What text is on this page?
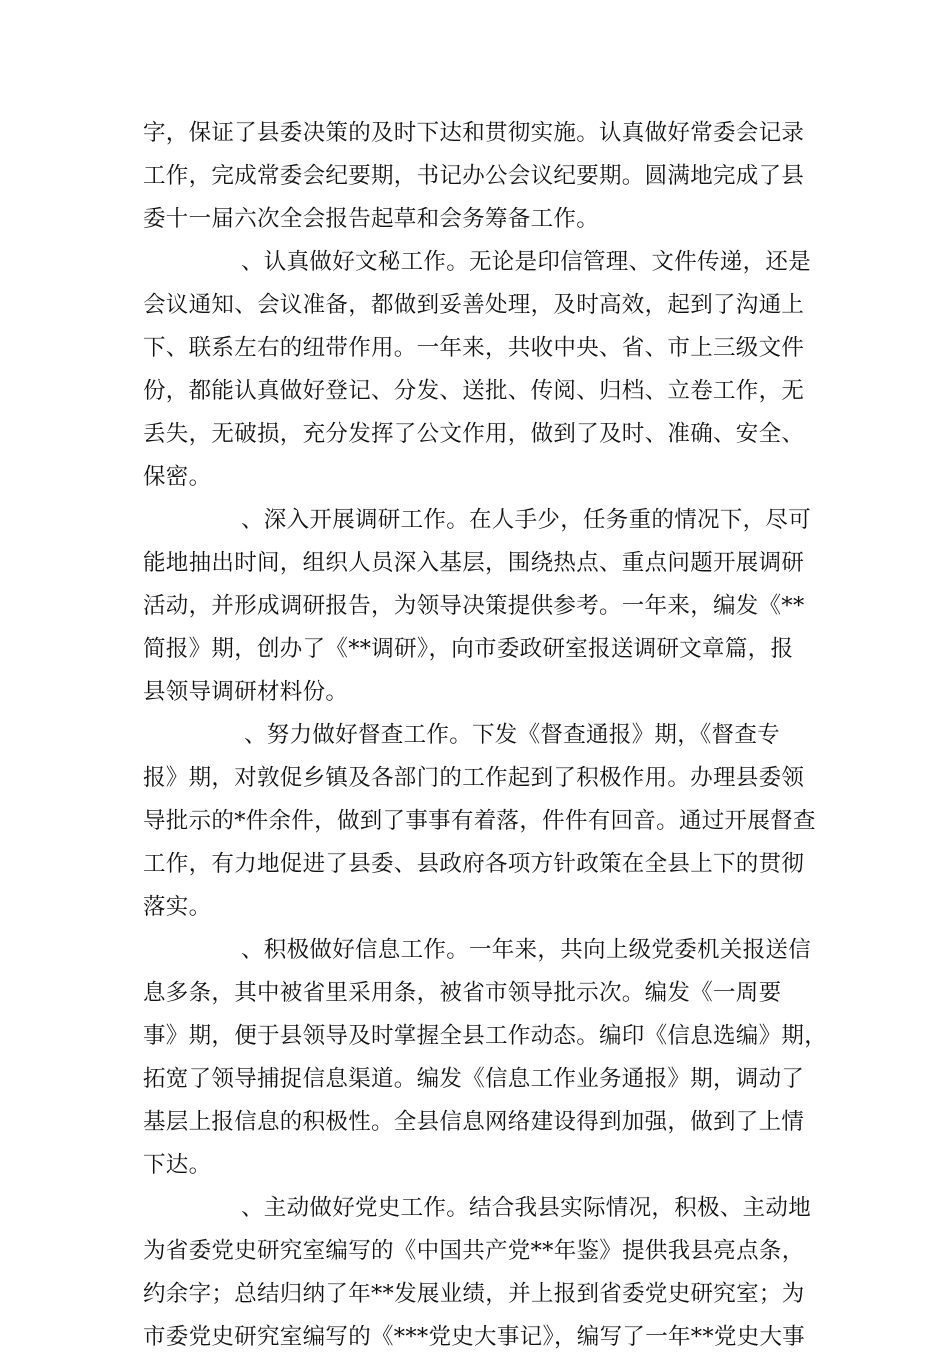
字，保证了县委决策的及时下达和贯彻实施。认真做好常委会记录
工作，完成常委会纪要期，书记办公会议纪要期。圆满地完成了县
委十一届六次全会报告起草和会务筹备工作。
、认真做好文秘工作。无论是印信管理、文件传递，还是
会议通知、会议准备，都做到妥善处理，及时高效，起到了沟通上
下、联系左右的纽带作用。一年来，共收中央、省、市上三级文件
份，都能认真做好登记、分发、送批、传阅、归档、立卷工作，无
丢失，无破损，充分发挥了公文作用，做到了及时、准确、安全、
保密。
、深入开展调研工作。在人手少，任务重的情况下，尽可
能地抽出时间，组织人员深入基层，围绕热点、重点问题开展调研
活动，并形成调研报告，为领导决策提供参考。一年来，编发《**
简报》期，创办了《**调研》，向市委政研室报送调研文章篇，报
县领导调研材料份。
、努力做好督查工作。下发《督查通报》期，《督查专
报》期，对敦促乡镇及各部门的工作起到了积极作用。办理县委领
导批示的*件余件，做到了事事有着落，件件有回音。通过开展督查
工作，有力地促进了县委、县政府各项方针政策在全县上下的贯彻
落实。
、积极做好信息工作。一年来，共向上级党委机关报送信
息多条，其中被省里采用条，被省市领导批示次。编发《一周要
事》期，便于县领导及时掌握全县工作动态。编印《信息选编》期，
拓宽了领导捕捉信息渠道。编发《信息工作业务通报》期，调动了
基层上报信息的积极性。全县信息网络建设得到加强，做到了上情
下达。
、主动做好党史工作。结合我县实际情况，积极、主动地
为省委党史研究室编写的《中国共产党**年鉴》提供我县亮点条，
约余字；总结归纳了年**发展业绩，并上报到省委党史研究室；为
市委党史研究室编写的《***党史大事记》，编写了一年**党史大事
